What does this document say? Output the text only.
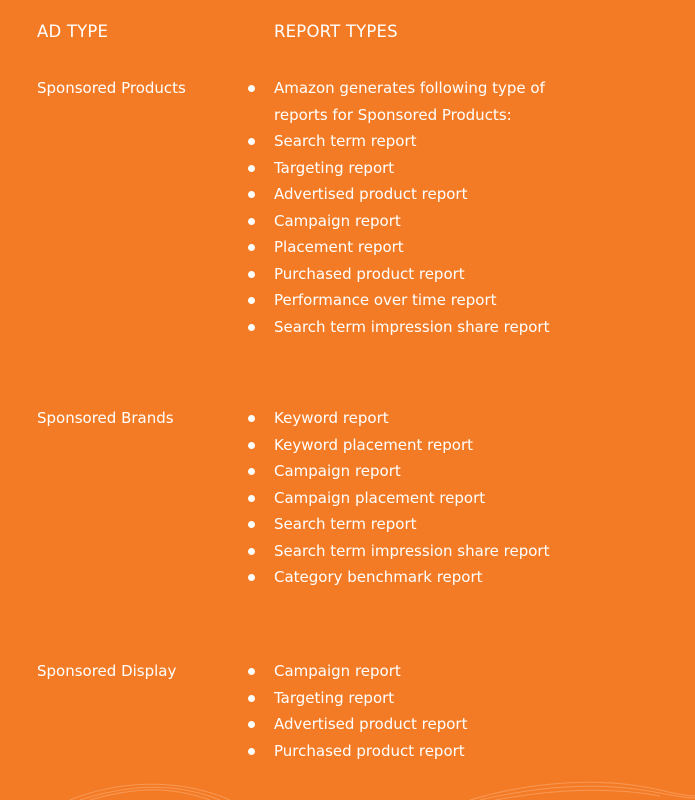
AD TYPE	REPORT TYPES
Sponsored Products	Amazon generates following type of reports for Sponsored Products:
Search term report
Targeting report
Advertised product report
Campaign report
Placement report
Purchased product report
Performance over time report
Search term impression share report
Sponsored Brands	Keyword report
Keyword placement report
Campaign report
Campaign placement report
Search term report
Search term impression share report
Category benchmark report
Sponsored Display	Campaign report
Targeting report
Advertised product report
Purchased product report
